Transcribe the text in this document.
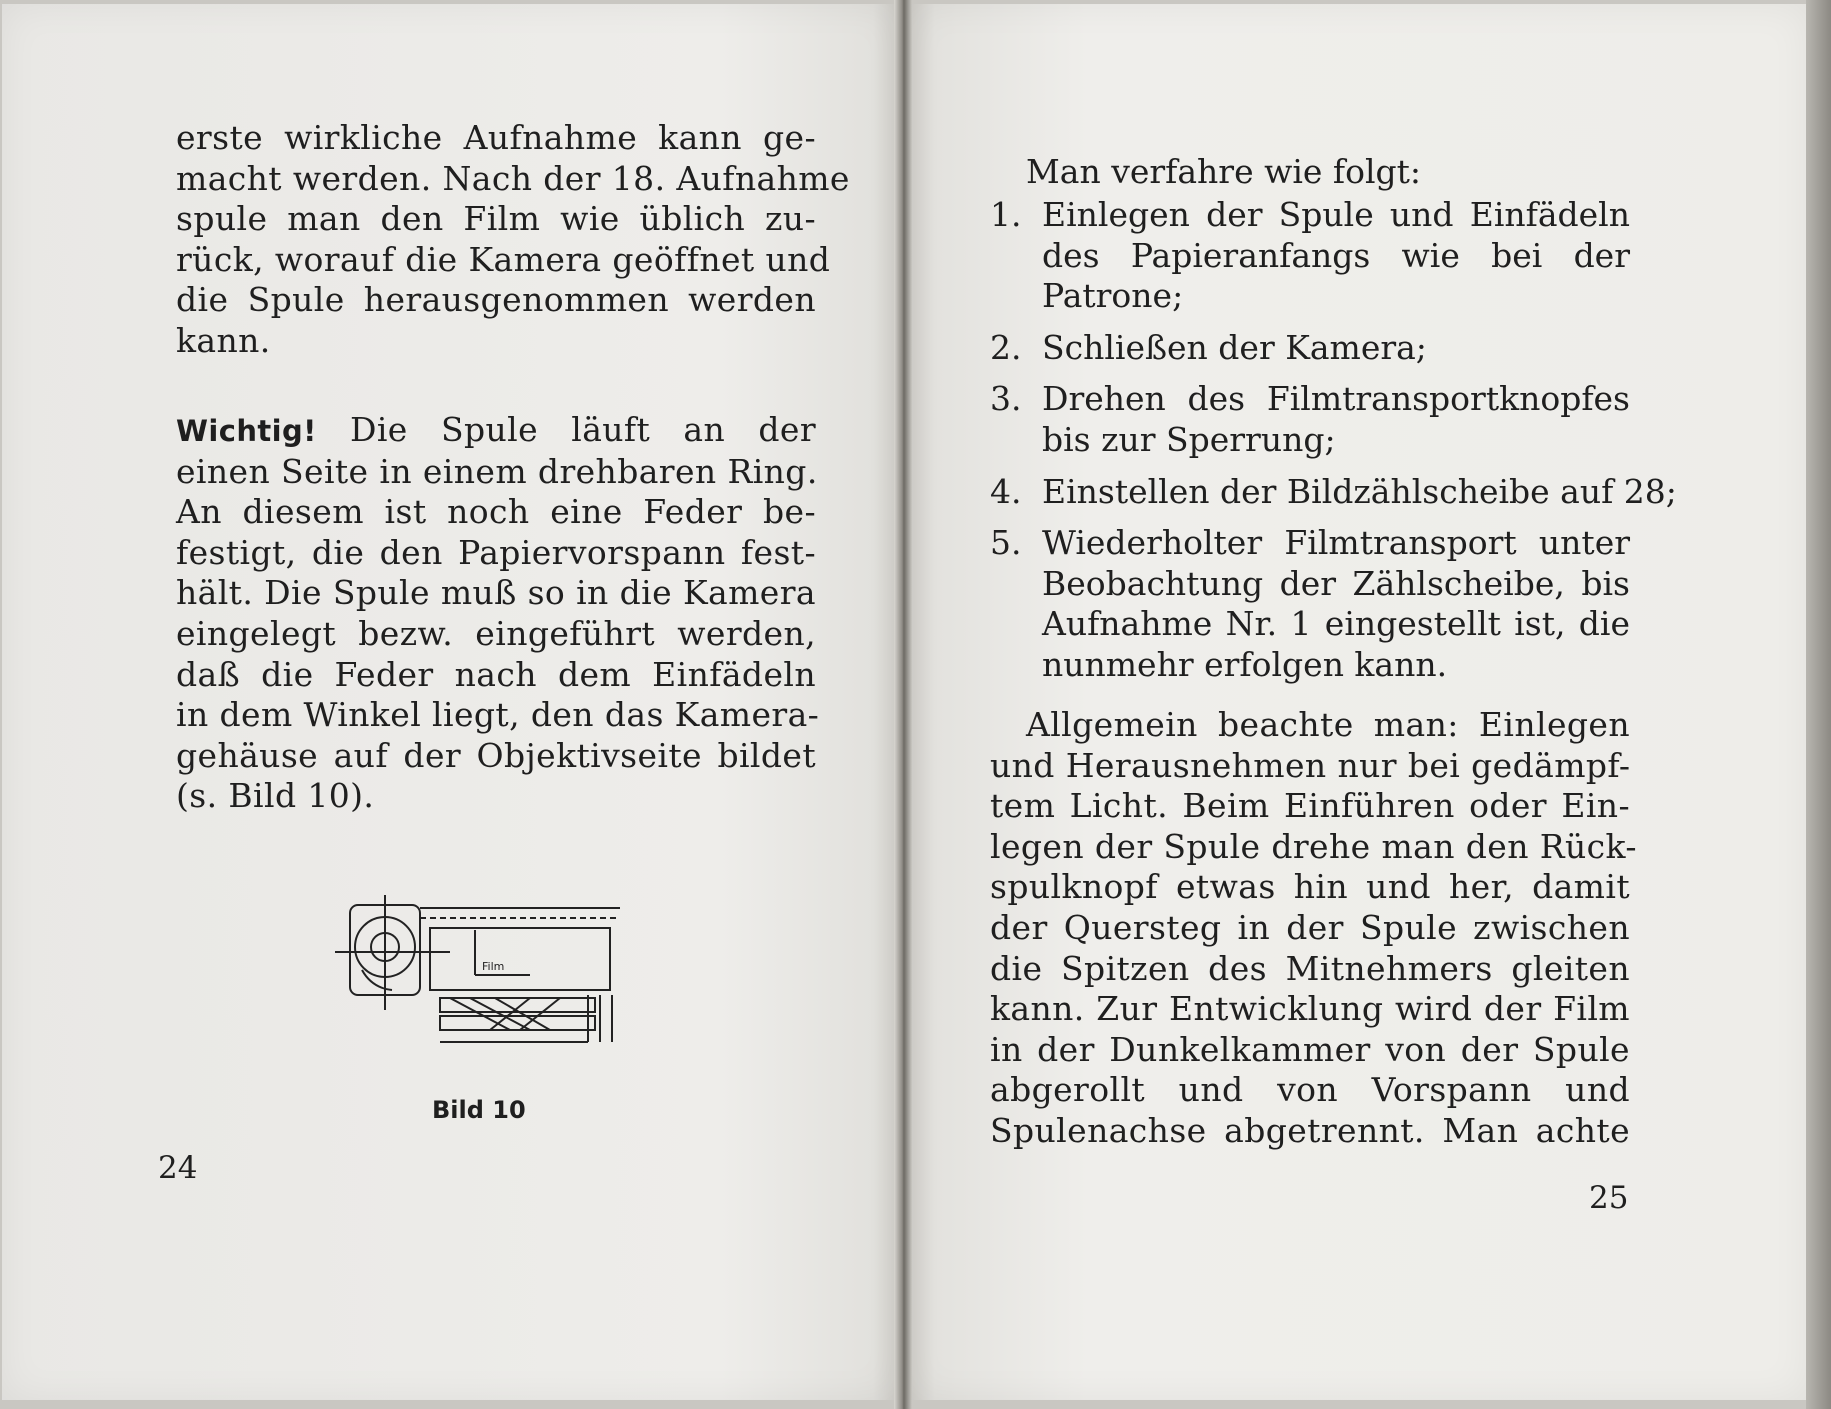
erste wirkliche Aufnahme kann ge-
macht werden. Nach der 18. Aufnahme
spule man den Film wie üblich zu-
rück, worauf die Kamera geöffnet und
die Spule herausgenommen werden
kann.
Wichtig! Die Spule läuft an der
einen Seite in einem drehbaren Ring.
An diesem ist noch eine Feder be-
festigt, die den Papiervorspann fest-
hält. Die Spule muß so in die Kamera
eingelegt bezw. eingeführt werden,
daß die Feder nach dem Einfädeln
in dem Winkel liegt, den das Kamera-
gehäuse auf der Objektivseite bildet
(s. Bild 10).
Film
Bild 10
24
Man verfahre wie folgt:
1. Einlegen der Spule und Einfädeln
des Papieranfangs wie bei der
Patrone;
2. Schließen der Kamera;
3. Drehen des Filmtransportknopfes
bis zur Sperrung;
4. Einstellen der Bildzählscheibe auf 28;
5. Wiederholter Filmtransport unter
Beobachtung der Zählscheibe, bis
Aufnahme Nr. 1 eingestellt ist, die
nunmehr erfolgen kann.
Allgemein beachte man: Einlegen
und Herausnehmen nur bei gedämpf-
tem Licht. Beim Einführen oder Ein-
legen der Spule drehe man den Rück-
spulknopf etwas hin und her, damit
der Quersteg in der Spule zwischen
die Spitzen des Mitnehmers gleiten
kann. Zur Entwicklung wird der Film
in der Dunkelkammer von der Spule
abgerollt und von Vorspann und
Spulenachse abgetrennt. Man achte
25
